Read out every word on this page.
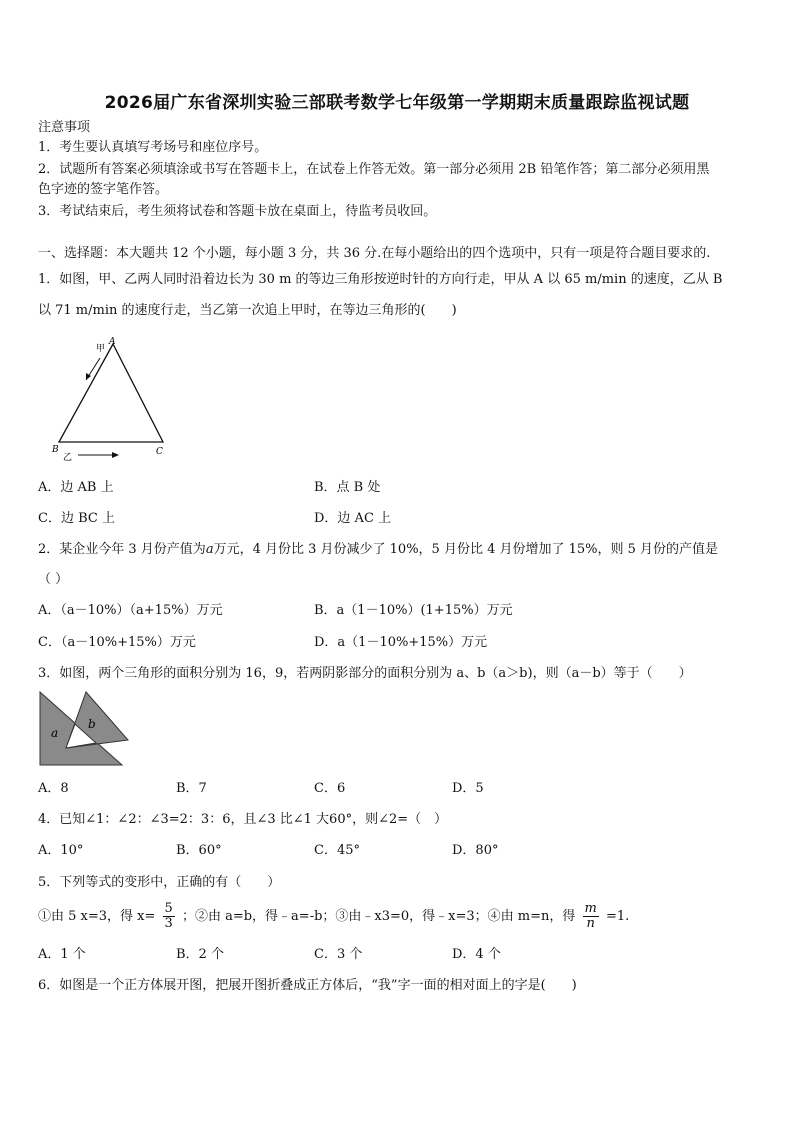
2026届广东省深圳实验三部联考数学七年级第一学期期末质量跟踪监视试题
注意事项
1．考生要认真填写考场号和座位序号。
2．试题所有答案必须填涂或书写在答题卡上，在试卷上作答无效。第一部分必须用 2B 铅笔作答；第二部分必须用黑
色字迹的签字笔作答。
3．考试结束后，考生须将试卷和答题卡放在桌面上，待监考员收回。
一、选择题：本大题共 12 个小题，每小题 3 分，共 36 分.在每小题给出的四个选项中，只有一项是符合题目要求的.
1．如图，甲、乙两人同时沿着边长为 30 m 的等边三角形按逆时针的方向行走，甲从 A 以 65 m/min 的速度，乙从 B
以 71 m/min 的速度行走，当乙第一次追上甲时，在等边三角形的(　　)
甲
A
B	C
乙
A．边 AB 上	B．点 B 处
C．边 BC 上	D．边 AC 上
2．某企业今年 3 月份产值为a万元，4 月份比 3 月份减少了 10%，5 月份比 4 月份增加了 15%，则 5 月份的产值是
（ ）
A．（a－10%）（a+15%）万元	B．a（1－10%）(1+15%）万元
C．（a－10%+15%）万元	D．a（1－10%+15%）万元
3．如图，两个三角形的面积分别为 16，9，若两阴影部分的面积分别为 a、b（a＞b)，则（a－b）等于（　　）
a
b
A．8	B．7	C．6	D．5
4．已知∠1：∠2：∠3=2：3：6，且∠3 比∠1 大60°，则∠2=（　）
A．10°	B．60°	C．45°	D．80°
5．下列等式的变形中，正确的有（　　）
①由 5 x=3，得 $x= \frac{5}{3}$ ；②由 a=b，得﹣a=-b；③由﹣x3=0，得﹣x=3；④由 m=n，得 $\frac{m}{n} =1$.
A．1 个	B．2 个	C．3 个	D．4 个
6．如图是一个正方体展开图，把展开图折叠成正方体后，“我”字一面的相对面上的字是(　　)
